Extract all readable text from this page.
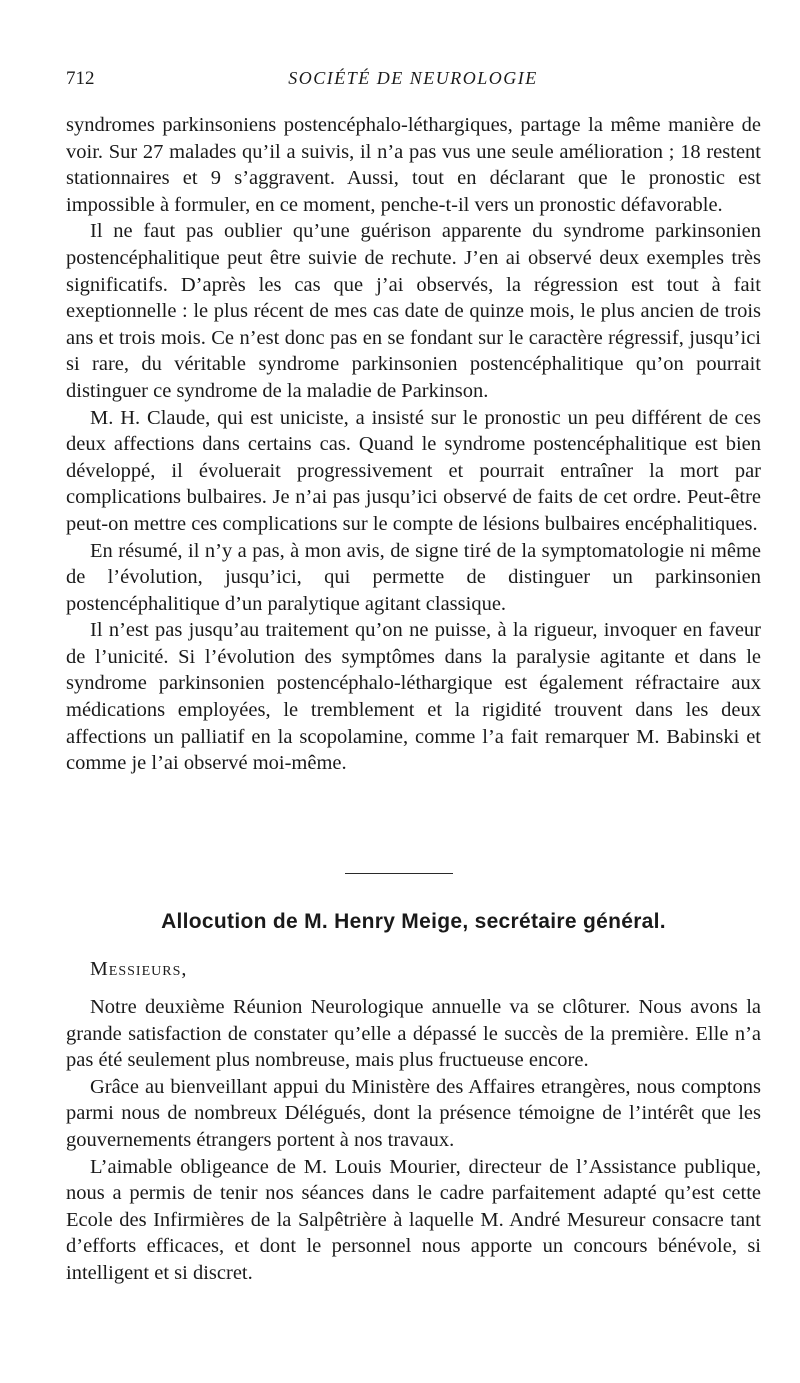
712	SOCIÉTÉ DE NEUROLOGIE

syndromes parkinsoniens postencéphalo-léthargiques, partage la même manière de voir. Sur 27 malades qu’il a suivis, il n’a pas vus une seule amélioration ; 18 restent stationnaires et 9 s’aggravent. Aussi, tout en déclarant que le pronostic est impossible à formuler, en ce moment, penche-t-il vers un pronostic défavorable.

Il ne faut pas oublier qu’une guérison apparente du syndrome parkinsonien postencéphalitique peut être suivie de rechute. J’en ai observé deux exemples très significatifs. D’après les cas que j’ai observés, la régression est tout à fait exeptionnelle : le plus récent de mes cas date de quinze mois, le plus ancien de trois ans et trois mois. Ce n’est donc pas en se fondant sur le caractère régressif, jusqu’ici si rare, du véritable syndrome parkinsonien postencéphalitique qu’on pourrait distinguer ce syndrome de la maladie de Parkinson.

M. H. Claude, qui est uniciste, a insisté sur le pronostic un peu différent de ces deux affections dans certains cas. Quand le syndrome postencéphalitique est bien développé, il évoluerait progressivement et pourrait entraîner la mort par complications bulbaires. Je n’ai pas jusqu’ici observé de faits de cet ordre. Peut-être peut-on mettre ces complications sur le compte de lésions bulbaires encéphalitiques.

En résumé, il n’y a pas, à mon avis, de signe tiré de la symptomatologie ni même de l’évolution, jusqu’ici, qui permette de distinguer un parkinsonien postencéphalitique d’un paralytique agitant classique.

Il n’est pas jusqu’au traitement qu’on ne puisse, à la rigueur, invoquer en faveur de l’unicité. Si l’évolution des symptômes dans la paralysie agitante et dans le syndrome parkinsonien postencéphalo-léthargique est également réfractaire aux médications employées, le tremblement et la rigidité trouvent dans les deux affections un palliatif en la scopolamine, comme l’a fait remarquer M. Babinski et comme je l’ai observé moi-même.

Allocution de M. Henry Meige, secrétaire général.
Messieurs,

Notre deuxième Réunion Neurologique annuelle va se clôturer. Nous avons la grande satisfaction de constater qu’elle a dépassé le succès de la première. Elle n’a pas été seulement plus nombreuse, mais plus fructueuse encore.

Grâce au bienveillant appui du Ministère des Affaires etrangères, nous comptons parmi nous de nombreux Délégués, dont la présence témoigne de l’intérêt que les gouvernements étrangers portent à nos travaux.

L’aimable obligeance de M. Louis Mourier, directeur de l’Assistance publique, nous a permis de tenir nos séances dans le cadre parfaitement adapté qu’est cette Ecole des Infirmières de la Salpêtrière à laquelle M. André Mesureur consacre tant d’efforts efficaces, et dont le personnel nous apporte un concours bénévole, si intelligent et si discret.
